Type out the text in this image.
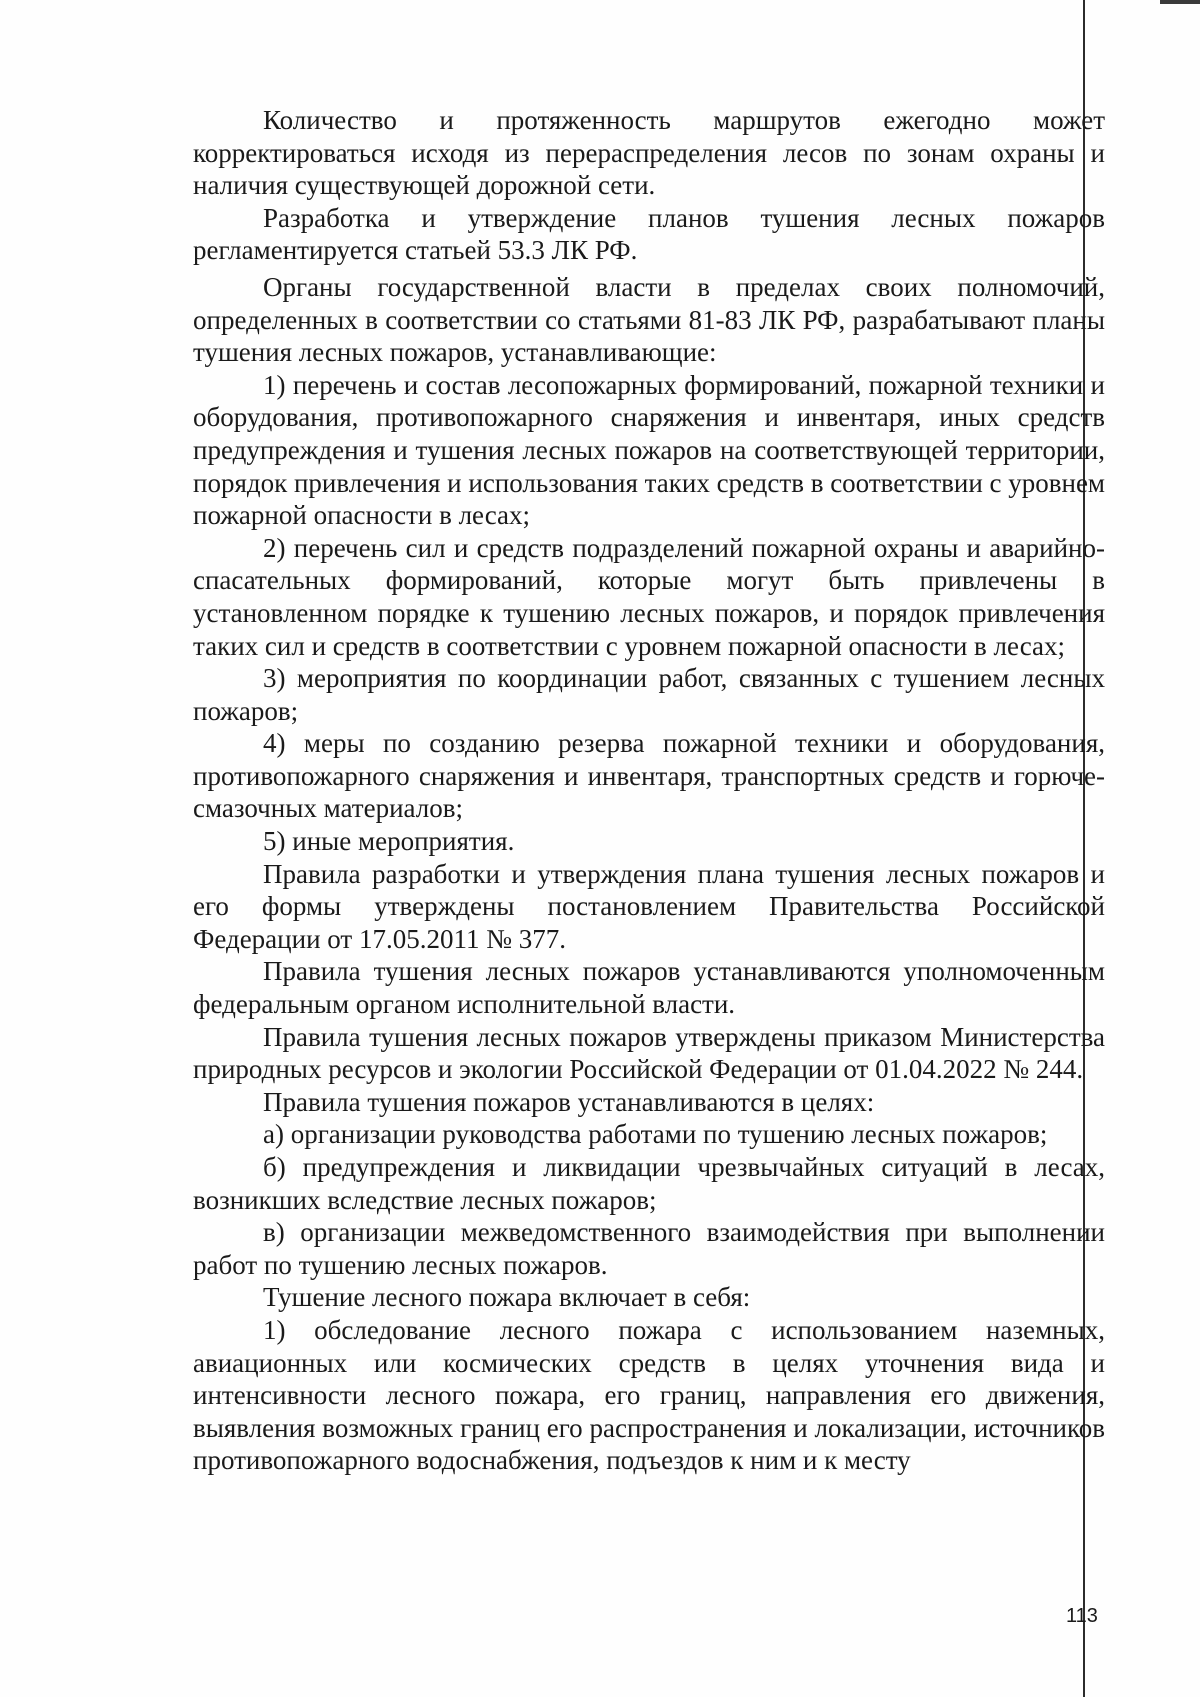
Количество и протяженность маршрутов ежегодно может корректироваться исходя из перераспределения лесов по зонам охраны и наличия существующей дорожной сети.

Разработка и утверждение планов тушения лесных пожаров регламентируется статьей 53.3 ЛК РФ.

Органы государственной власти в пределах своих полномочий, определенных в соответствии со статьями 81-83 ЛК РФ, разрабатывают планы тушения лесных пожаров, устанавливающие:

1) перечень и состав лесопожарных формирований, пожарной техники и оборудования, противопожарного снаряжения и инвентаря, иных средств предупреждения и тушения лесных пожаров на соответствующей территории, порядок привлечения и использования таких средств в соответствии с уровнем пожарной опасности в лесах;

2) перечень сил и средств подразделений пожарной охраны и аварийно-спасательных формирований, которые могут быть привлечены в установленном порядке к тушению лесных пожаров, и порядок привлечения таких сил и средств в соответствии с уровнем пожарной опасности в лесах;

3) мероприятия по координации работ, связанных с тушением лесных пожаров;

4) меры по созданию резерва пожарной техники и оборудования, противопожарного снаряжения и инвентаря, транспортных средств и горюче-смазочных материалов;

5) иные мероприятия.

Правила разработки и утверждения плана тушения лесных пожаров и его формы утверждены постановлением Правительства Российской Федерации от 17.05.2011 № 377.

Правила тушения лесных пожаров устанавливаются уполномоченным федеральным органом исполнительной власти.

Правила тушения лесных пожаров утверждены приказом Министерства природных ресурсов и экологии Российской Федерации от 01.04.2022 № 244.

Правила тушения пожаров устанавливаются в целях:

а) организации руководства работами по тушению лесных пожаров;

б) предупреждения и ликвидации чрезвычайных ситуаций в лесах, возникших вследствие лесных пожаров;

в) организации межведомственного взаимодействия при выполнении работ по тушению лесных пожаров.

Тушение лесного пожара включает в себя:

1) обследование лесного пожара с использованием наземных, авиационных или космических средств в целях уточнения вида и интенсивности лесного пожара, его границ, направления его движения, выявления возможных границ его распространения и локализации, источников противопожарного водоснабжения, подъездов к ним и к месту

113
